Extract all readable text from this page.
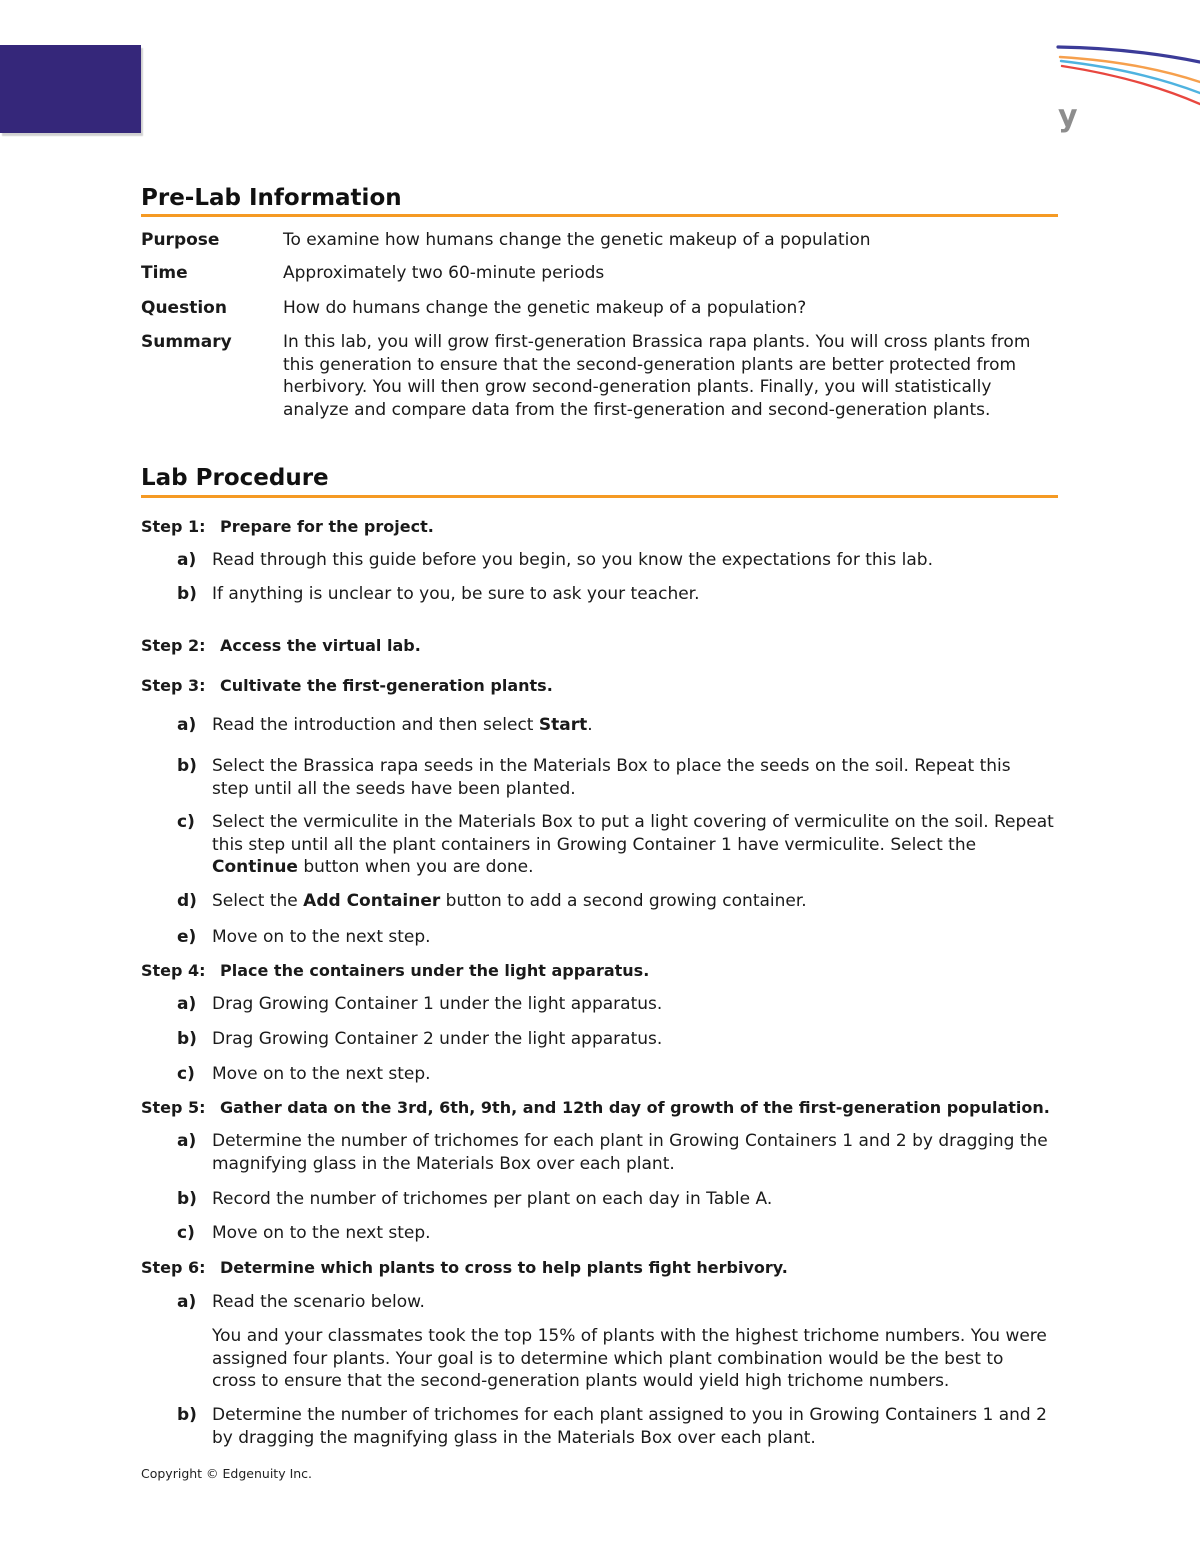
y
Pre-Lab Information
Purpose	To examine how humans change the genetic makeup of a population
Time	Approximately two 60-minute periods
Question	How do humans change the genetic makeup of a population?
Summary	In this lab, you will grow first-generation Brassica rapa plants. You will cross plants from
this generation to ensure that the second-generation plants are better protected from
herbivory. You will then grow second-generation plants. Finally, you will statistically
analyze and compare data from the first-generation and second-generation plants.
Lab Procedure
Step 1: Prepare for the project.
a) Read through this guide before you begin, so you know the expectations for this lab.
b) If anything is unclear to you, be sure to ask your teacher.
Step 2: Access the virtual lab.
Step 3: Cultivate the first-generation plants.
a) Read the introduction and then select Start.
b) Select the Brassica rapa seeds in the Materials Box to place the seeds on the soil. Repeat this
step until all the seeds have been planted.
c) Select the vermiculite in the Materials Box to put a light covering of vermiculite on the soil. Repeat
this step until all the plant containers in Growing Container 1 have vermiculite. Select the
Continue button when you are done.
d) Select the Add Container button to add a second growing container.
e) Move on to the next step.
Step 4: Place the containers under the light apparatus.
a) Drag Growing Container 1 under the light apparatus.
b) Drag Growing Container 2 under the light apparatus.
c) Move on to the next step.
Step 5: Gather data on the 3rd, 6th, 9th, and 12th day of growth of the first-generation population.
a) Determine the number of trichomes for each plant in Growing Containers 1 and 2 by dragging the
magnifying glass in the Materials Box over each plant.
b) Record the number of trichomes per plant on each day in Table A.
c) Move on to the next step.
Step 6: Determine which plants to cross to help plants fight herbivory.
a) Read the scenario below.
You and your classmates took the top 15% of plants with the highest trichome numbers. You were
assigned four plants. Your goal is to determine which plant combination would be the best to
cross to ensure that the second-generation plants would yield high trichome numbers.
b) Determine the number of trichomes for each plant assigned to you in Growing Containers 1 and 2
by dragging the magnifying glass in the Materials Box over each plant.
Copyright © Edgenuity Inc.
